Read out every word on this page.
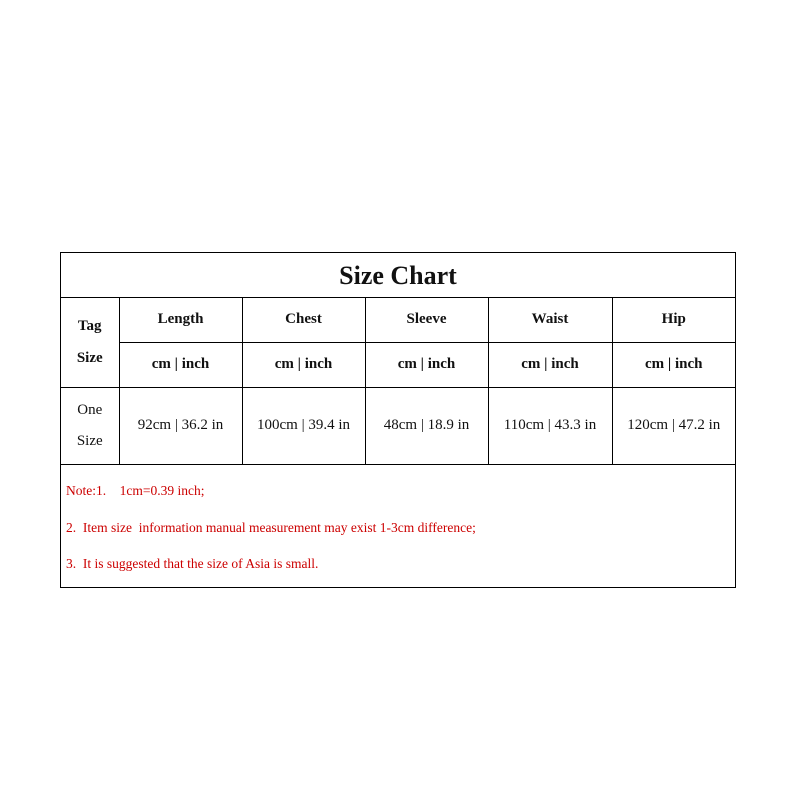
Size Chart
Tag
Size	Length	Chest	Sleeve	Waist	Hip
	cm | inch	cm | inch	cm | inch	cm | inch	cm | inch

One
Size	92cm | 36.2 in	100cm | 39.4 in	48cm | 18.9 in	110cm | 43.3 in	120cm | 47.2 in
Note:1.    1cm=0.39 inch;
2.  Item size  information manual measurement may exist 1-3cm difference;
3.  It is suggested that the size of Asia is small.
